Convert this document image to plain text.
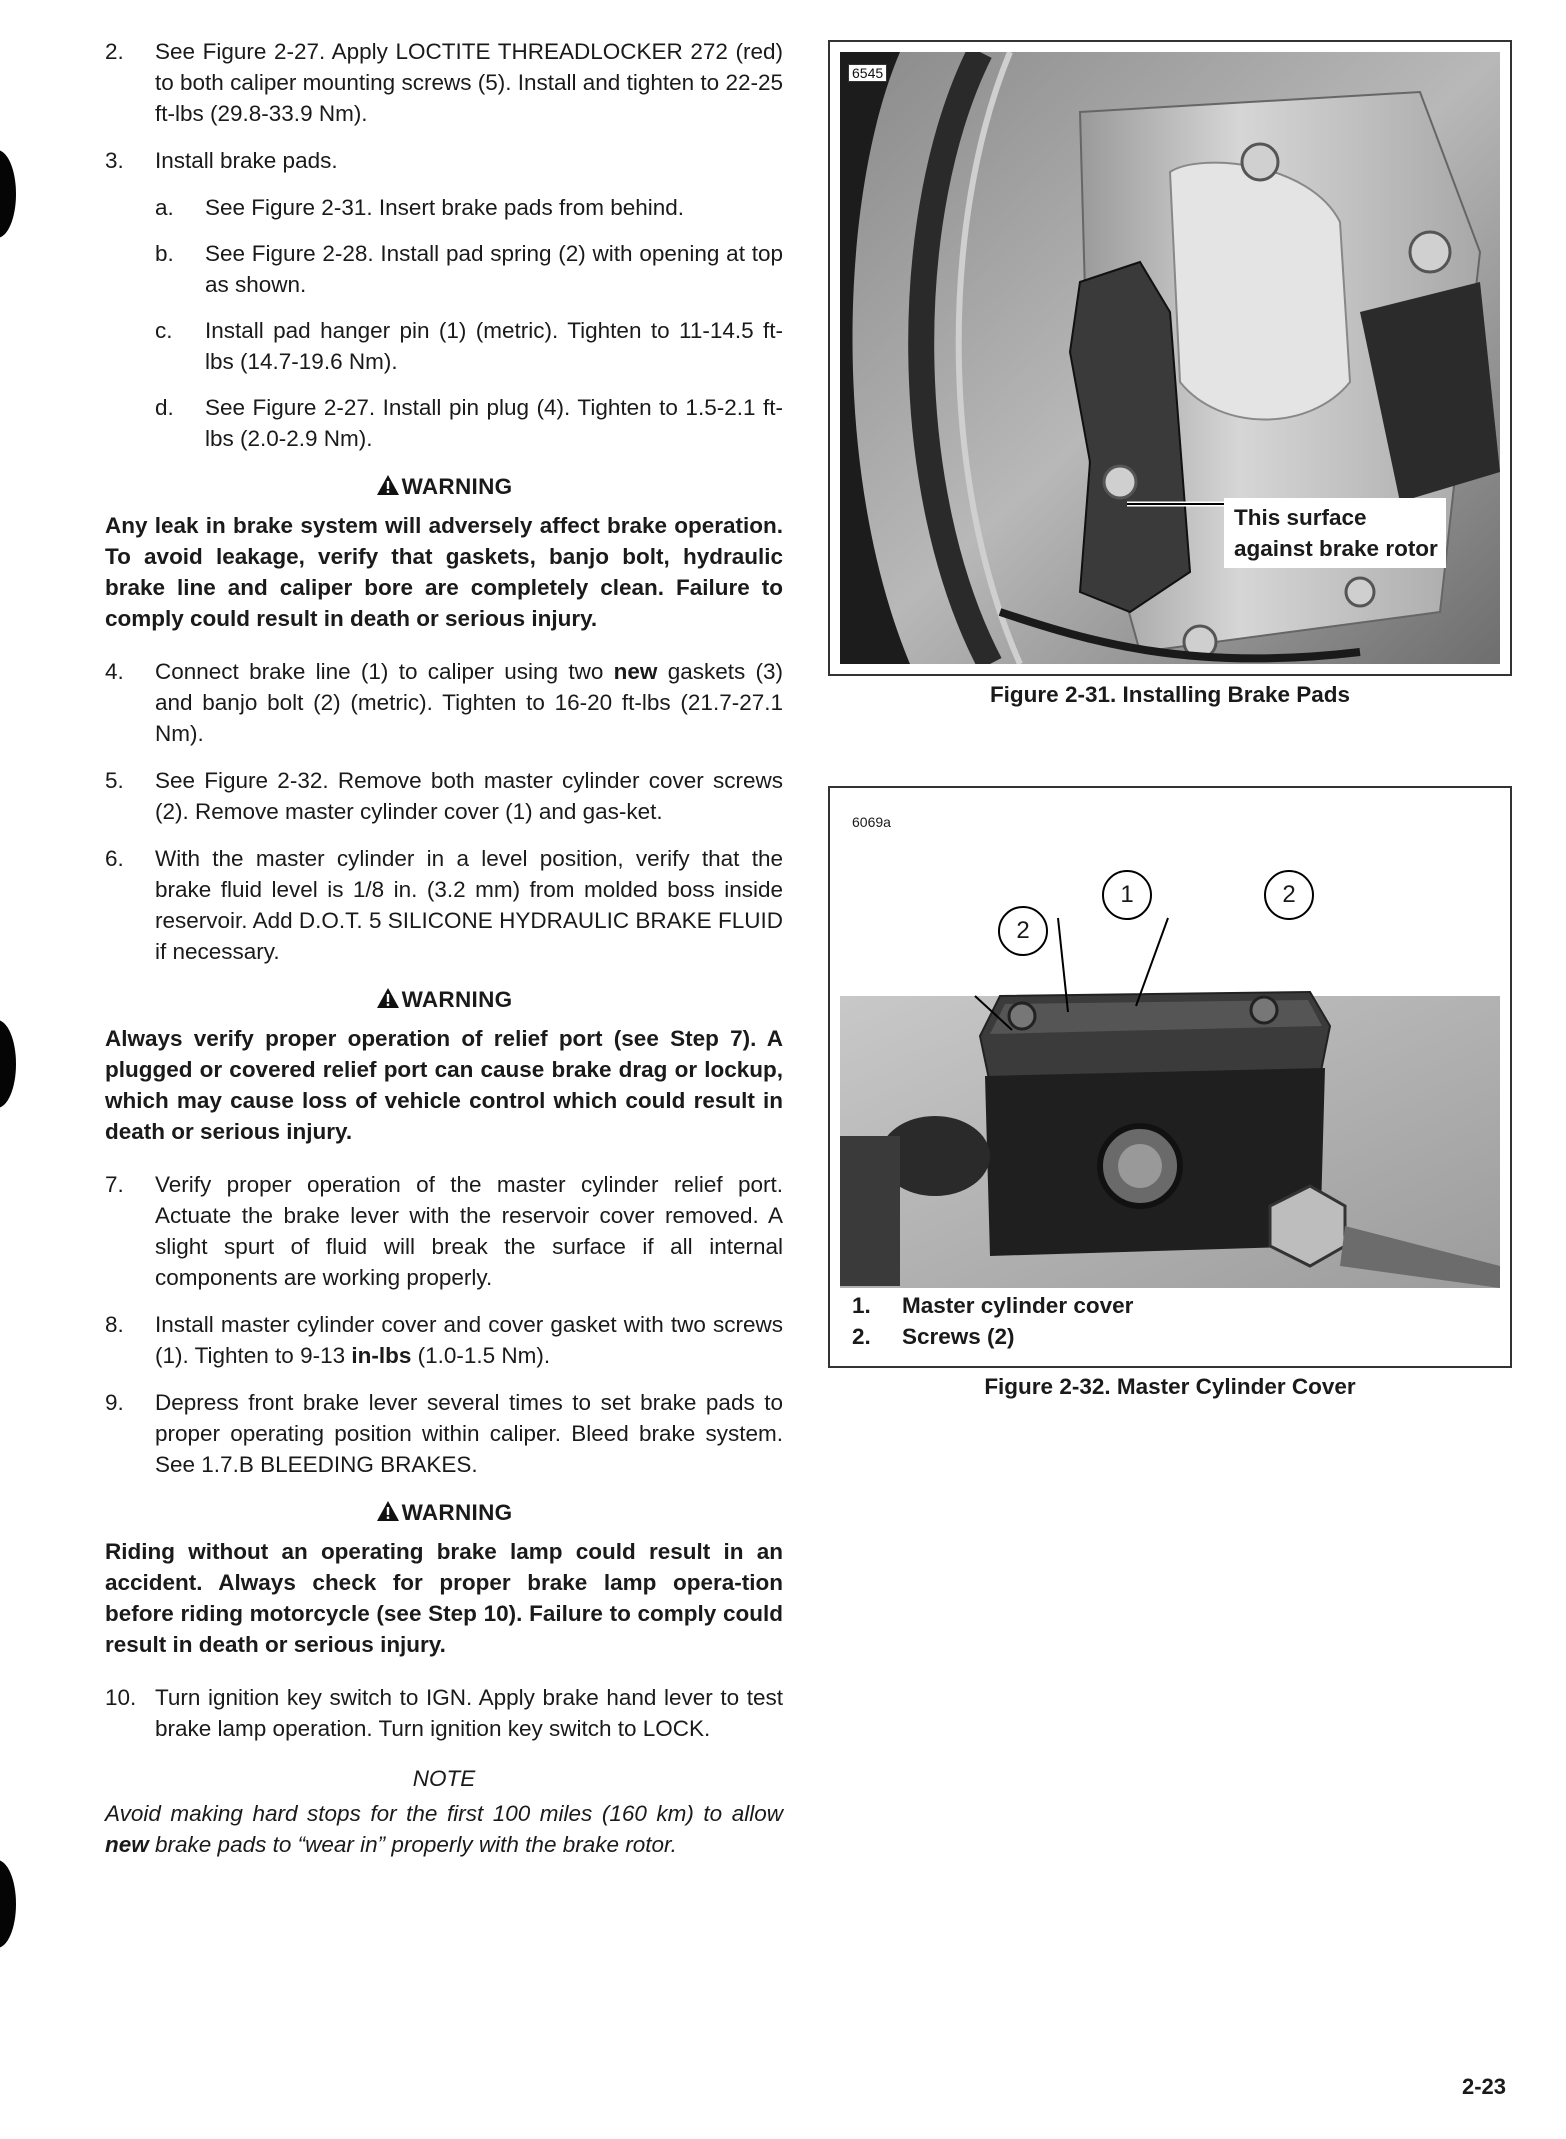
2. See Figure 2-27. Apply LOCTITE THREADLOCKER 272 (red) to both caliper mounting screws (5). Install and tighten to 22-25 ft-lbs (29.8-33.9 Nm).
3. Install brake pads.
a. See Figure 2-31. Insert brake pads from behind.
b. See Figure 2-28. Install pad spring (2) with opening at top as shown.
c. Install pad hanger pin (1) (metric). Tighten to 11-14.5 ft-lbs (14.7-19.6 Nm).
d. See Figure 2-27. Install pin plug (4). Tighten to 1.5-2.1 ft-lbs (2.0-2.9 Nm).
WARNING
Any leak in brake system will adversely affect brake operation. To avoid leakage, verify that gaskets, banjo bolt, hydraulic brake line and caliper bore are completely clean. Failure to comply could result in death or serious injury.
4. Connect brake line (1) to caliper using two new gaskets (3) and banjo bolt (2) (metric). Tighten to 16-20 ft-lbs (21.7-27.1 Nm).
5. See Figure 2-32. Remove both master cylinder cover screws (2). Remove master cylinder cover (1) and gas-ket.
6. With the master cylinder in a level position, verify that the brake fluid level is 1/8 in. (3.2 mm) from molded boss inside reservoir. Add D.O.T. 5 SILICONE HYDRAULIC BRAKE FLUID if necessary.
WARNING
Always verify proper operation of relief port (see Step 7). A plugged or covered relief port can cause brake drag or lockup, which may cause loss of vehicle control which could result in death or serious injury.
7. Verify proper operation of the master cylinder relief port. Actuate the brake lever with the reservoir cover removed. A slight spurt of fluid will break the surface if all internal components are working properly.
8. Install master cylinder cover and cover gasket with two screws (1). Tighten to 9-13 in-lbs (1.0-1.5 Nm).
9. Depress front brake lever several times to set brake pads to proper operating position within caliper. Bleed brake system. See 1.7.B BLEEDING BRAKES.
WARNING
Riding without an operating brake lamp could result in an accident. Always check for proper brake lamp opera-tion before riding motorcycle (see Step 10). Failure to comply could result in death or serious injury.
10. Turn ignition key switch to IGN. Apply brake hand lever to test brake lamp operation. Turn ignition key switch to LOCK.
NOTE
Avoid making hard stops for the first 100 miles (160 km) to allow new brake pads to “wear in” properly with the brake rotor.
6545
This surface
against brake rotor
Figure 2-31. Installing Brake Pads
6069a
2
1	2
1. Master cylinder cover
2. Screws (2)
Figure 2-32. Master Cylinder Cover
2-23
